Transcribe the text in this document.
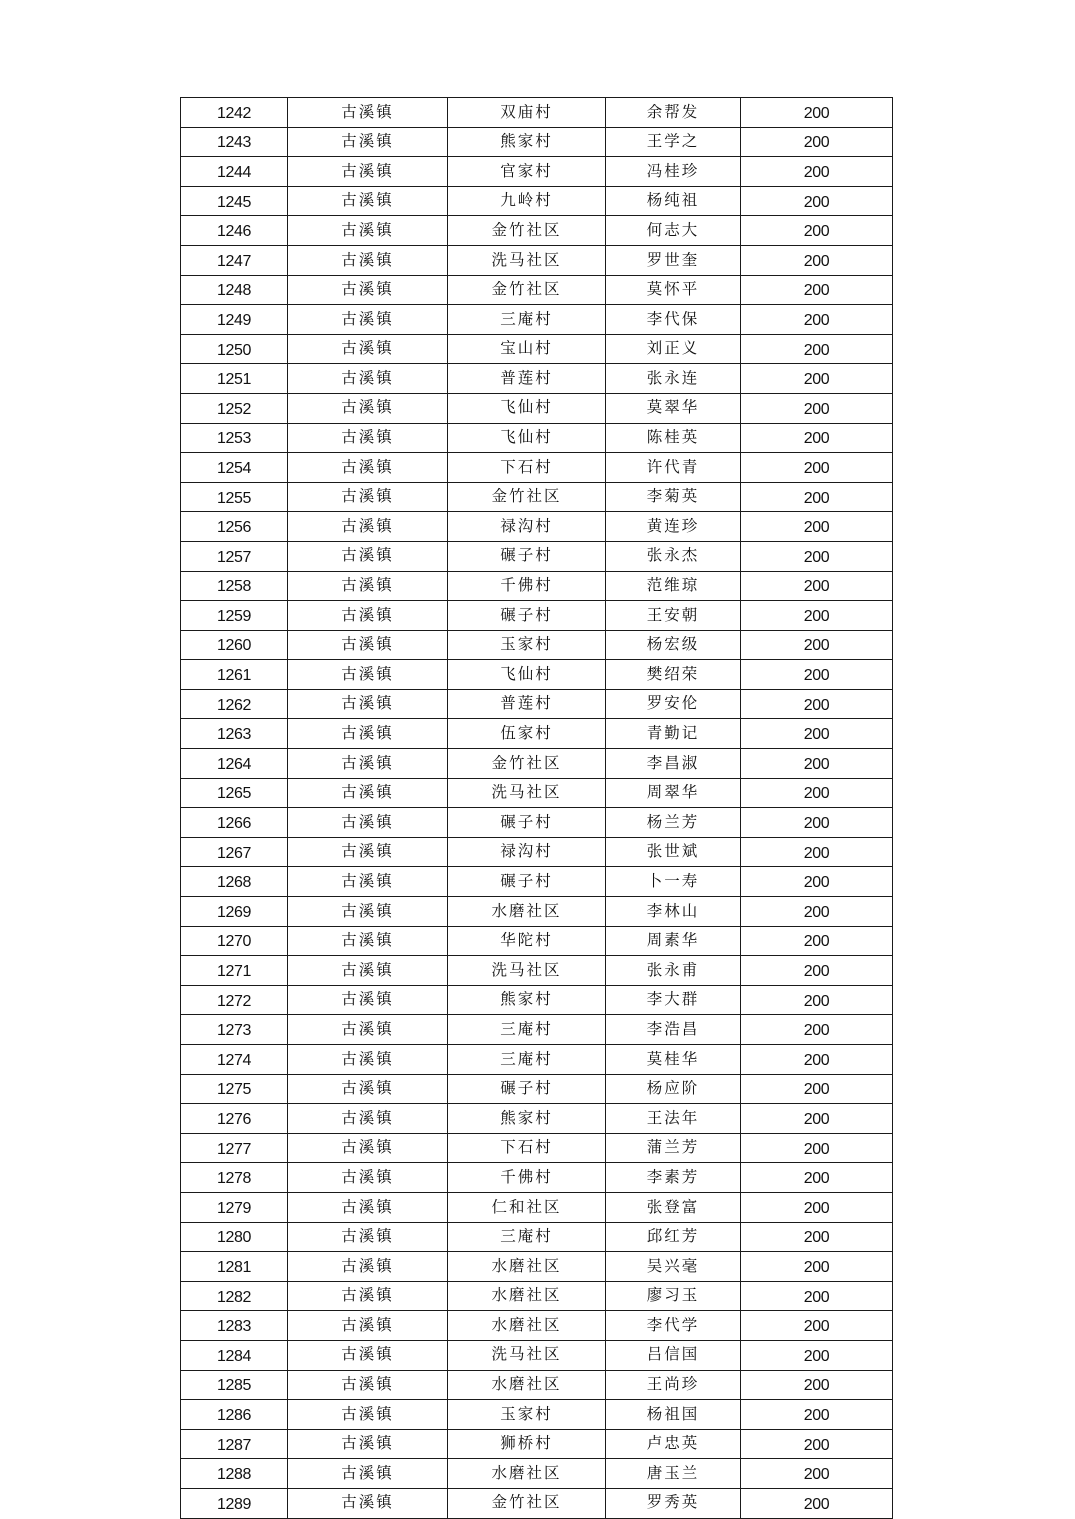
1242	古溪镇	双庙村	余帮发	200
1243	古溪镇	熊家村	王学之	200
1244	古溪镇	官家村	冯桂珍	200
1245	古溪镇	九岭村	杨纯祖	200
1246	古溪镇	金竹社区	何志大	200
1247	古溪镇	洗马社区	罗世奎	200
1248	古溪镇	金竹社区	莫怀平	200
1249	古溪镇	三庵村	李代保	200
1250	古溪镇	宝山村	刘正义	200
1251	古溪镇	普莲村	张永连	200
1252	古溪镇	飞仙村	莫翠华	200
1253	古溪镇	飞仙村	陈桂英	200
1254	古溪镇	下石村	许代青	200
1255	古溪镇	金竹社区	李菊英	200
1256	古溪镇	禄沟村	黄连珍	200
1257	古溪镇	碾子村	张永杰	200
1258	古溪镇	千佛村	范维琼	200
1259	古溪镇	碾子村	王安朝	200
1260	古溪镇	玉家村	杨宏级	200
1261	古溪镇	飞仙村	樊绍荣	200
1262	古溪镇	普莲村	罗安伦	200
1263	古溪镇	伍家村	青勤记	200
1264	古溪镇	金竹社区	李昌淑	200
1265	古溪镇	洗马社区	周翠华	200
1266	古溪镇	碾子村	杨兰芳	200
1267	古溪镇	禄沟村	张世斌	200
1268	古溪镇	碾子村	卜一寿	200
1269	古溪镇	水磨社区	李林山	200
1270	古溪镇	华陀村	周素华	200
1271	古溪镇	洗马社区	张永甫	200
1272	古溪镇	熊家村	李大群	200
1273	古溪镇	三庵村	李浩昌	200
1274	古溪镇	三庵村	莫桂华	200
1275	古溪镇	碾子村	杨应阶	200
1276	古溪镇	熊家村	王法年	200
1277	古溪镇	下石村	蒲兰芳	200
1278	古溪镇	千佛村	李素芳	200
1279	古溪镇	仁和社区	张登富	200
1280	古溪镇	三庵村	邱红芳	200
1281	古溪镇	水磨社区	吴兴毫	200
1282	古溪镇	水磨社区	廖习玉	200
1283	古溪镇	水磨社区	李代学	200
1284	古溪镇	洗马社区	吕信国	200
1285	古溪镇	水磨社区	王尚珍	200
1286	古溪镇	玉家村	杨祖国	200
1287	古溪镇	狮桥村	卢忠英	200
1288	古溪镇	水磨社区	唐玉兰	200
1289	古溪镇	金竹社区	罗秀英	200
